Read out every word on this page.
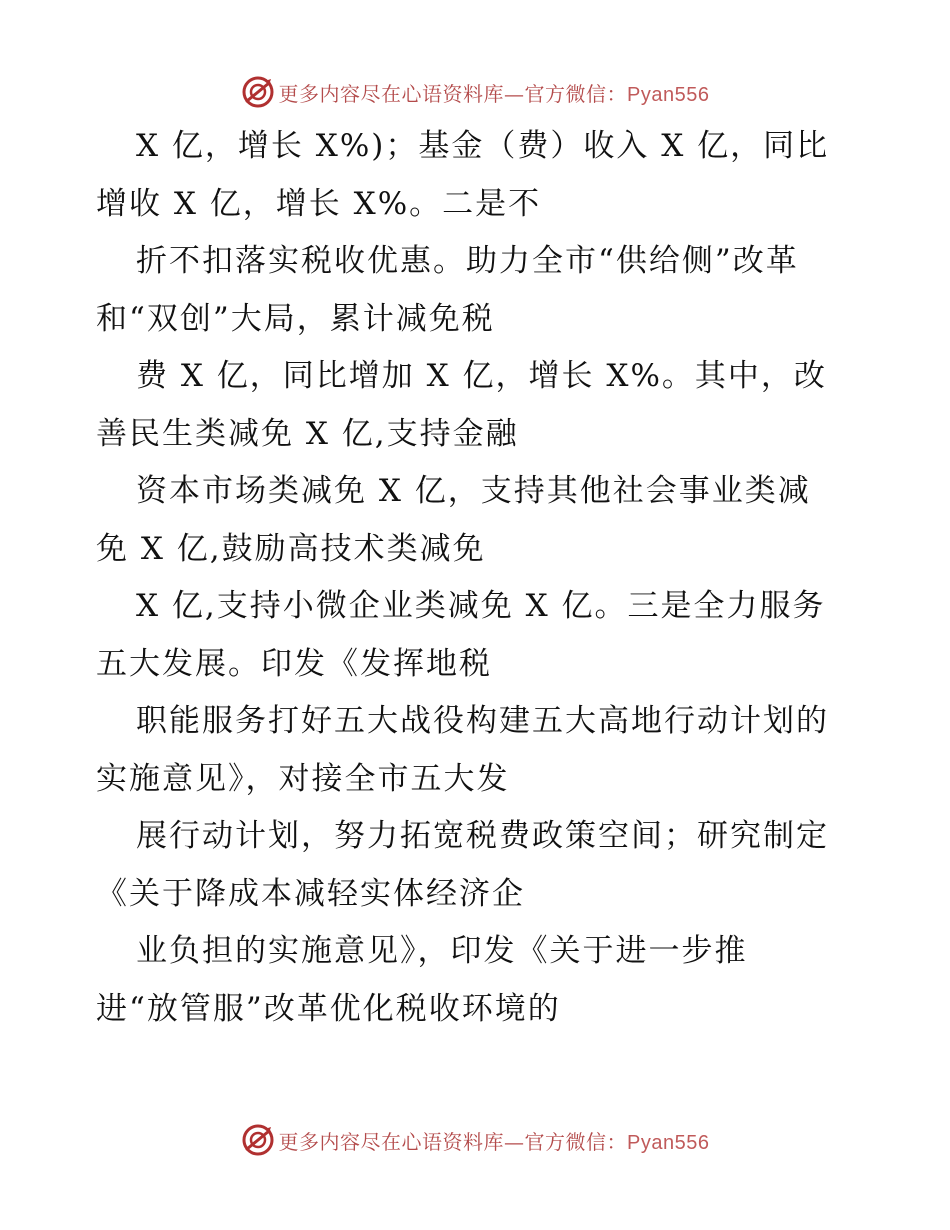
更多内容尽在心语资料库—官方微信：Pyan556
X 亿，增长 X%)；基金（费）收入 X 亿，同比
增收 X 亿，增长 X%。二是不
折不扣落实税收优惠。助力全市“供给侧”改革
和“双创”大局，累计减免税
费 X 亿，同比增加 X 亿，增长 X%。其中，改
善民生类减免 X 亿,支持金融
资本市场类减免 X 亿，支持其他社会事业类减
免 X 亿,鼓励高技术类减免
X 亿,支持小微企业类减免 X 亿。三是全力服务
五大发展。印发《发挥地税
职能服务打好五大战役构建五大高地行动计划的
实施意见》，对接全市五大发
展行动计划，努力拓宽税费政策空间；研究制定
《关于降成本减轻实体经济企
业负担的实施意见》，印发《关于进一步推
进“放管服”改革优化税收环境的
更多内容尽在心语资料库—官方微信：Pyan556
